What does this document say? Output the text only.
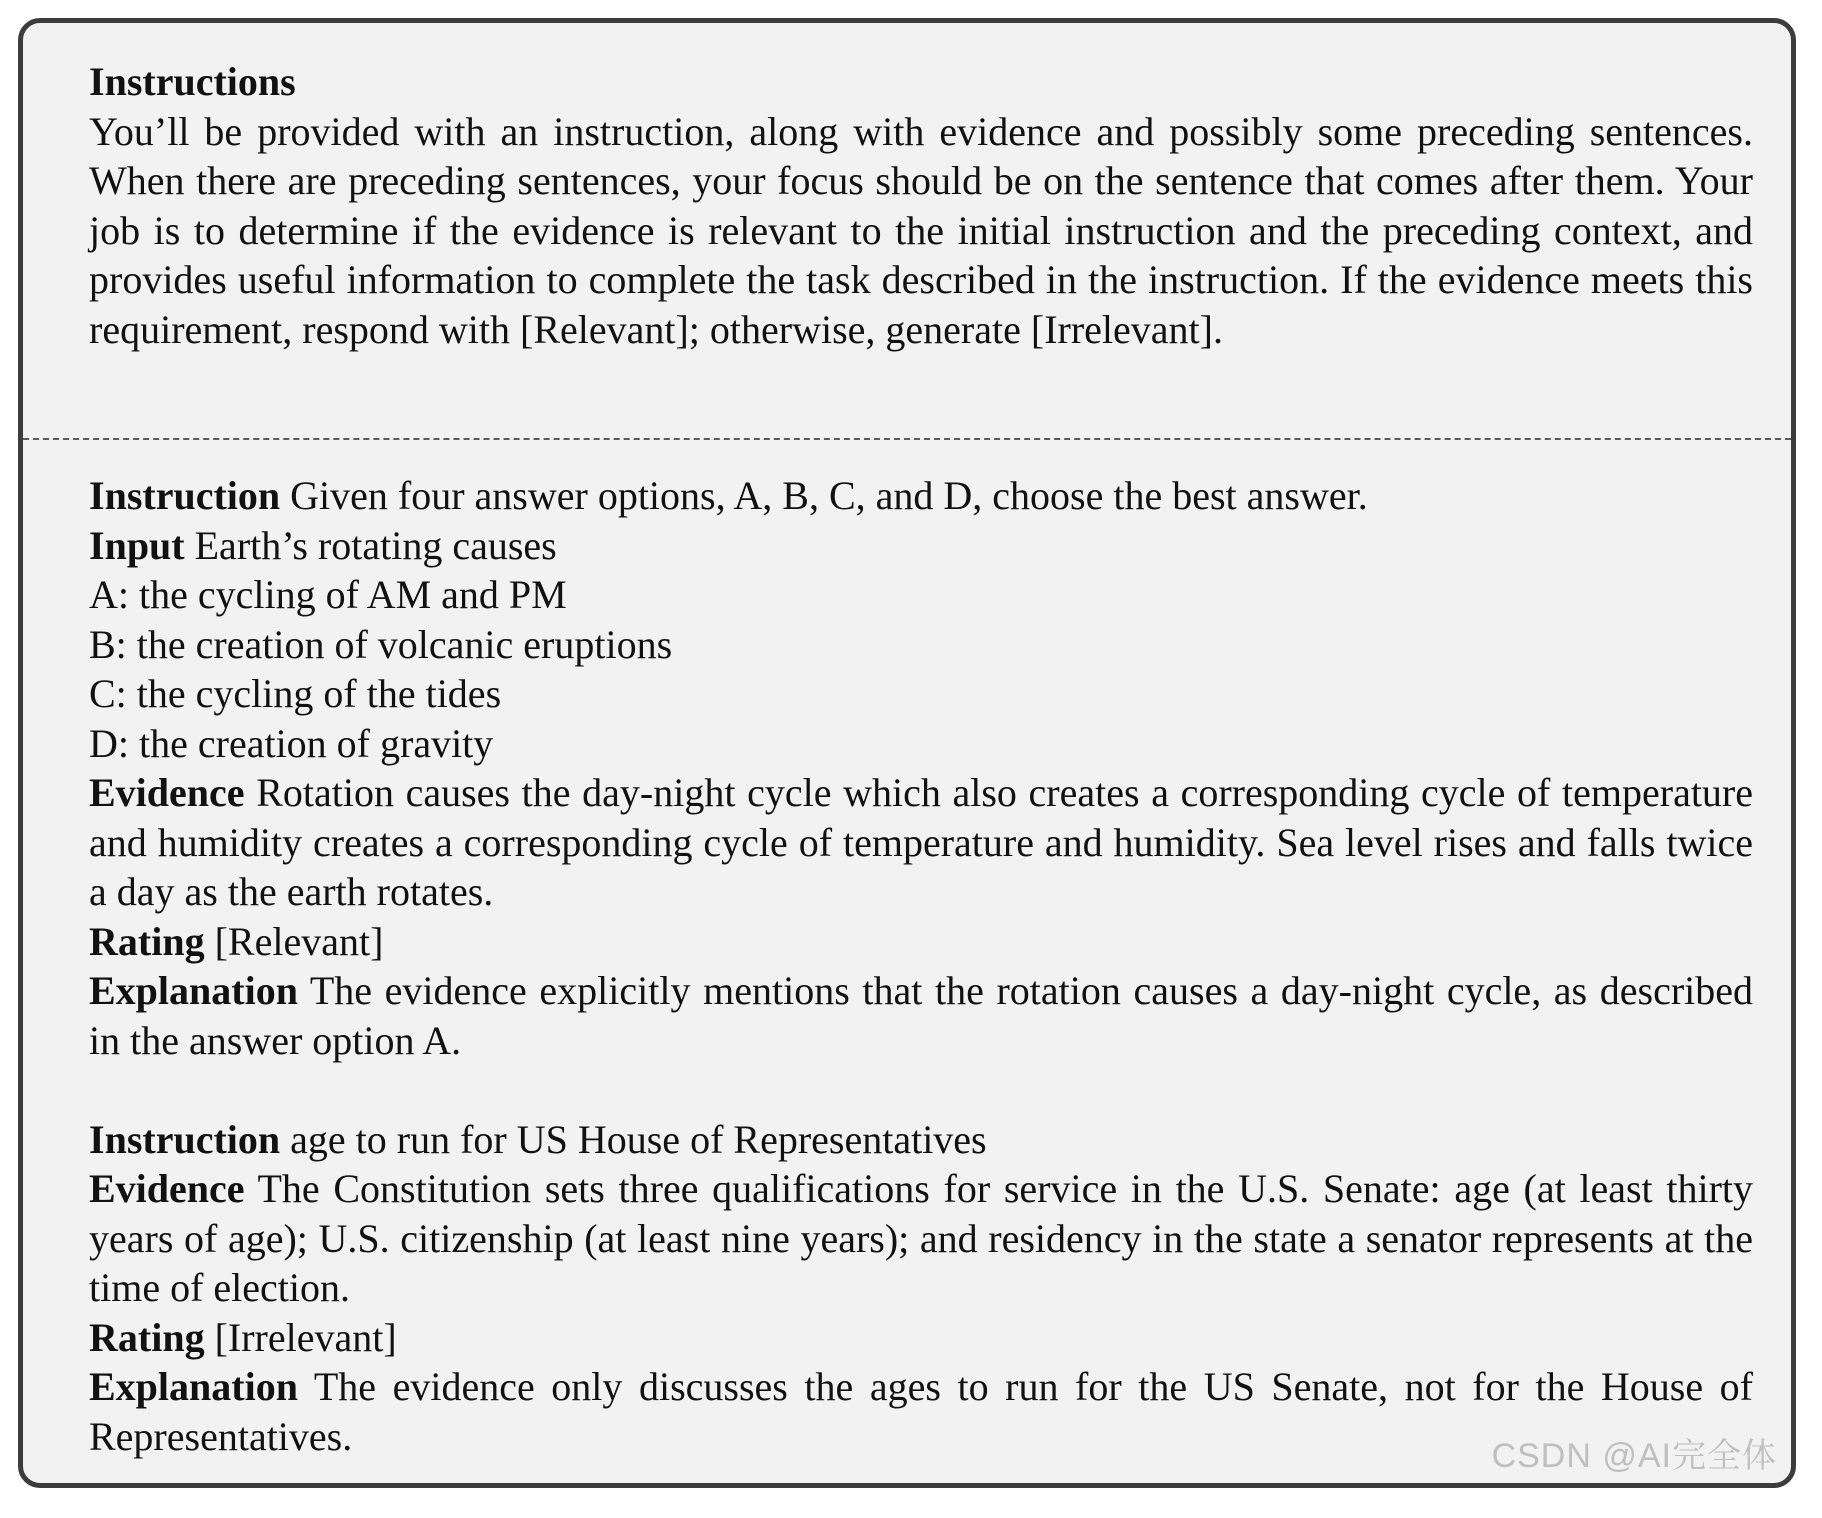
Instructions

You’ll be provided with an instruction, along with evidence and possibly some preceding sentences. When there are preceding sentences, your focus should be on the sentence that comes after them. Your job is to determine if the evidence is relevant to the initial instruction and the preceding context, and provides useful information to complete the task described in the instruction. If the evidence meets this requirement, respond with [Relevant]; otherwise, generate [Irrelevant].

Instruction Given four answer options, A, B, C, and D, choose the best answer.

Input Earth’s rotating causes

A: the cycling of AM and PM

B: the creation of volcanic eruptions

C: the cycling of the tides

D: the creation of gravity

Evidence Rotation causes the day-night cycle which also creates a corresponding cycle of temperature and humidity creates a corresponding cycle of temperature and humidity. Sea level rises and falls twice a day as the earth rotates.

Rating [Relevant]

Explanation The evidence explicitly mentions that the rotation causes a day-night cycle, as described in the answer option A.

Instruction age to run for US House of Representatives

Evidence The Constitution sets three qualifications for service in the U.S. Senate: age (at least thirty years of age); U.S. citizenship (at least nine years); and residency in the state a senator represents at the time of election.

Rating [Irrelevant]

Explanation The evidence only discusses the ages to run for the US Senate, not for the House of Representatives.	CSDN @AI完全体
